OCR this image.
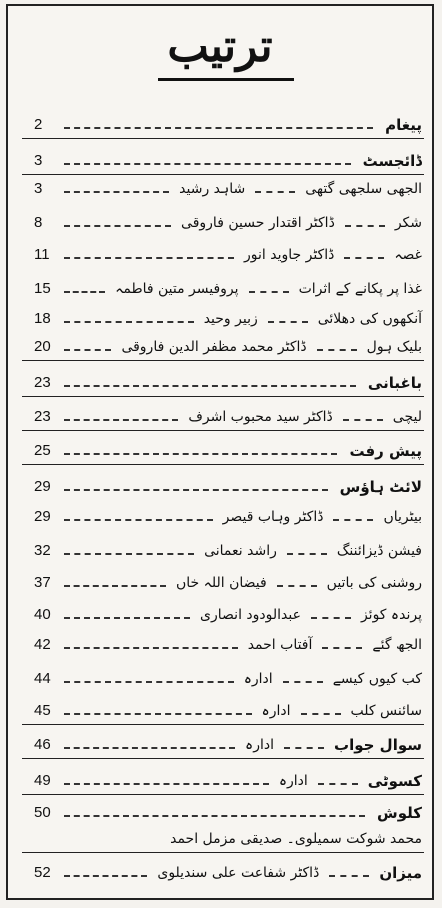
ترتیب
2	پیغام
3	ڈائجسٹ
3	الجھی سلجھی گتھی
شاہد رشید
8	شکر
ڈاکٹر اقتدار حسین فاروقی
11	غصہ
ڈاکٹر جاوید انور
15	غذا پر پکانے کے اثرات
پروفیسر متین فاطمہ
18	آنکھوں کی دھلائی
زبیر وحید
20	بلیک ہول
ڈاکٹر محمد مظفر الدین فاروقی
23	باغبانی
23	لیچی
ڈاکٹر سید محبوب اشرف
25	پیش رفت
29	لائٹ ہاؤس
29	بیٹریاں
ڈاکٹر وہاب قیصر
32	فیشن ڈیزائننگ
راشد نعمانی
37	روشنی کی باتیں
فیضان اللہ خاں
40	پرندہ کوئز
عبدالودود انصاری
42	الجھ گئے
آفتاب احمد
44	کب کیوں کیسے
ادارہ
45	سائنس کلب
ادارہ
46	سوال جواب
ادارہ
49	کسوٹی
ادارہ
50	کلوش
محمد شوکت سمیلوی۔ صدیقی مزمل احمد
52	میزان
ڈاکٹر شفاعت علی سندیلوی
